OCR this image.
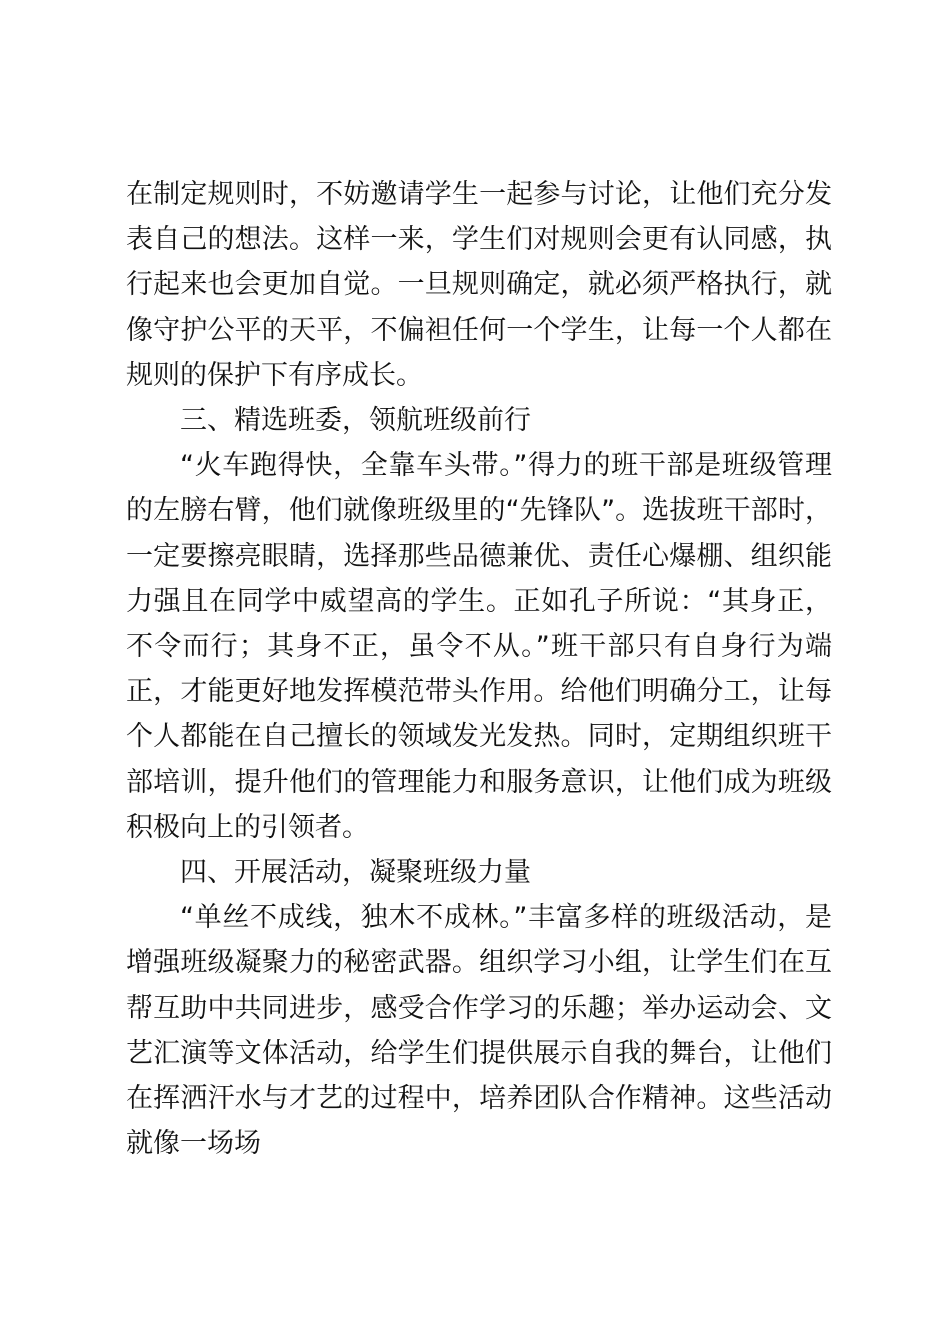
在制定规则时，不妨邀请学生一起参与讨论，让他们充分发表自己的想法。这样一来，学生们对规则会更有认同感，执行起来也会更加自觉。一旦规则确定，就必须严格执行，就像守护公平的天平，不偏袒任何一个学生，让每一个人都在规则的保护下有序成长。

三、精选班委，领航班级前行

“火车跑得快，全靠车头带。”得力的班干部是班级管理的左膀右臂，他们就像班级里的“先锋队”。选拔班干部时，一定要擦亮眼睛，选择那些品德兼优、责任心爆棚、组织能力强且在同学中威望高的学生。正如孔子所说：“其身正，不令而行；其身不正，虽令不从。”班干部只有自身行为端正，才能更好地发挥模范带头作用。给他们明确分工，让每个人都能在自己擅长的领域发光发热。同时，定期组织班干部培训，提升他们的管理能力和服务意识，让他们成为班级积极向上的引领者。

四、开展活动，凝聚班级力量

“单丝不成线，独木不成林。”丰富多样的班级活动，是增强班级凝聚力的秘密武器。组织学习小组，让学生们在互帮互助中共同进步，感受合作学习的乐趣；举办运动会、文艺汇演等文体活动，给学生们提供展示自我的舞台，让他们在挥洒汗水与才艺的过程中，培养团队合作精神。这些活动就像一场场
